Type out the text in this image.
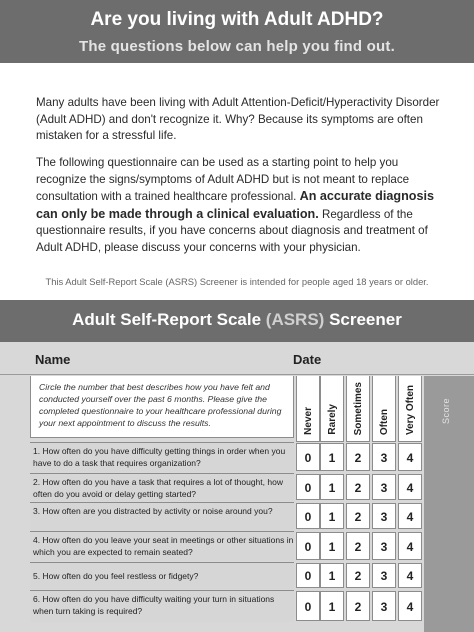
Are you living with Adult ADHD?
The questions below can help you find out.
Many adults have been living with Adult Attention-Deficit/Hyperactivity Disorder (Adult ADHD) and don't recognize it. Why? Because its symptoms are often mistaken for a stressful life.
The following questionnaire can be used as a starting point to help you recognize the signs/symptoms of Adult ADHD but is not meant to replace consultation with a trained healthcare professional. An accurate diagnosis can only be made through a clinical evaluation. Regardless of the questionnaire results, if you have concerns about diagnosis and treatment of Adult ADHD, please discuss your concerns with your physician.
This Adult Self-Report Scale (ASRS) Screener is intended for people aged 18 years or older.
Adult Self-Report Scale (ASRS) Screener
Name	Date
Circle the number that best describes how you have felt and conducted yourself over the past 6 months. Please give the completed questionnaire to your healthcare professional during your next appointment to discuss the results.	Score
Never Rarely Sometimes Often Very Often
1. How often do you have difficulty getting things in order when you have to do a task that requires organization?	0	1	2	3	4
2. How often do you have a task that requires a lot of thought, how often do you avoid or delay getting started?	0	1	2	3	4
3. How often are you distracted by activity or noise around you?	0	1	2	3	4
4. How often do you leave your seat in meetings or other situations in which you are expected to remain seated?	0	1	2	3	4
5. How often do you feel restless or fidgety?	0	1	2	3	4
6. How often do you have difficulty waiting your turn in situations when turn taking is required?	0	1	2	3	4
